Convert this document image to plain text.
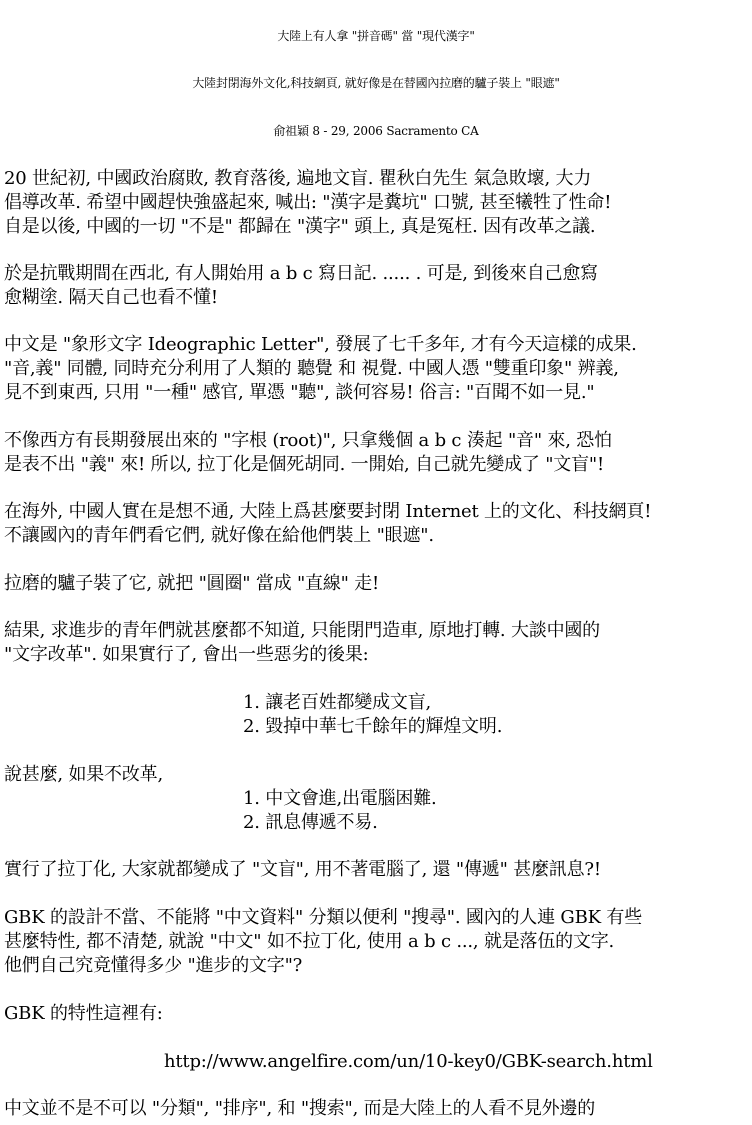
大陸上有人拿 "拼音碼" 當 "現代漢字"
大陸封閉海外文化,科技網頁, 就好像是在替國內拉磨的驢子裝上 "眼遮"
俞祖穎 8 - 29, 2006 Sacramento CA
20 世紀初, 中國政治腐敗, 教育落後, 遍地文盲. 瞿秋白先生 氣急敗壞, 大力
倡導改革. 希望中國趕快強盛起來, 喊出: "漢字是糞坑" 口號, 甚至犧牲了性命!
自是以後, 中國的一切 "不是" 都歸在 "漢字" 頭上, 真是冤枉. 因有改革之議.
於是抗戰期間在西北, 有人開始用 a b c 寫日記. ..... . 可是, 到後來自己愈寫
愈糊塗. 隔天自己也看不懂!
中文是 "象形文字 Ideographic Letter", 發展了七千多年, 才有今天這樣的成果.
"音,義" 同體, 同時充分利用了人類的 聽覺 和 視覺. 中國人憑 "雙重印象" 辨義,
見不到東西, 只用 "一種" 感官, 單憑 "聽", 談何容易! 俗言: "百聞不如一見."
不像西方有長期發展出來的 "字根 (root)", 只拿幾個 a b c 湊起 "音" 來, 恐怕
是表不出 "義" 來! 所以, 拉丁化是個死胡同. 一開始, 自己就先變成了 "文盲"!
在海外, 中國人實在是想不通, 大陸上爲甚麼要封閉 Internet 上的文化、科技網頁!
不讓國內的青年們看它們, 就好像在給他們裝上 "眼遮".
拉磨的驢子裝了它, 就把 "圓圈" 當成 "直線" 走!
結果, 求進步的青年們就甚麼都不知道, 只能閉門造車, 原地打轉. 大談中國的
"文字改革". 如果實行了, 會出一些惡劣的後果:
1. 讓老百姓都變成文盲,
2. 毀掉中華七千餘年的輝煌文明.
說甚麼, 如果不改革,
1. 中文會進,出電腦困難.
2. 訊息傳遞不易.
實行了拉丁化, 大家就都變成了 "文盲", 用不著電腦了, 還 "傳遞" 甚麼訊息?!
GBK 的設計不當、不能將 "中文資料" 分類以便利 "搜尋". 國內的人連 GBK 有些
甚麼特性, 都不清楚, 就說 "中文" 如不拉丁化, 使用 a b c ..., 就是落伍的文字.
他們自己究竟懂得多少 "進步的文字"?
GBK 的特性這裡有:
http://www.angelfire.com/un/10-key0/GBK-search.html
中文並不是不可以 "分類", "排序", 和 "搜索", 而是大陸上的人看不見外邊的
